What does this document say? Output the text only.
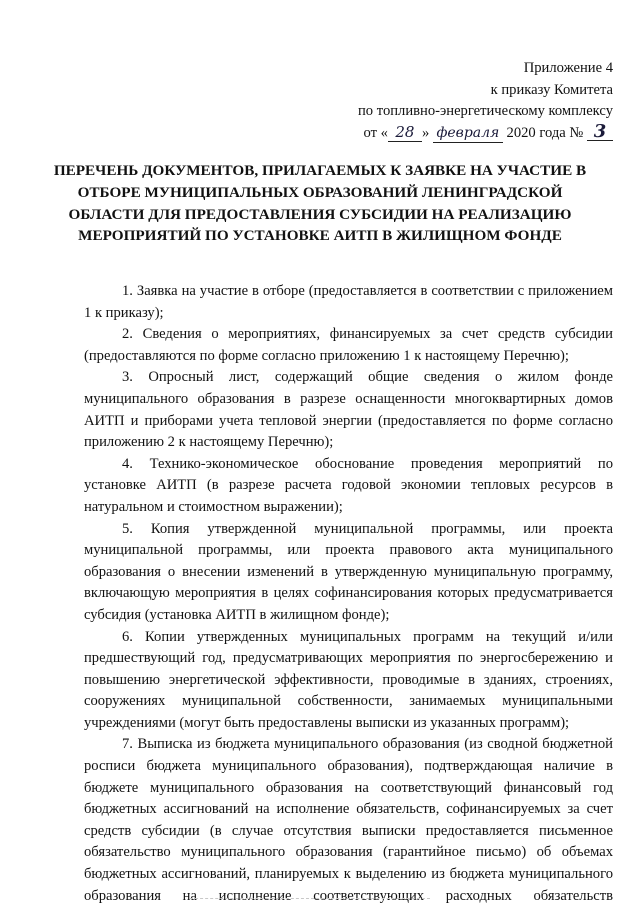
Приложение 4
к приказу Комитета
по топливно-энергетическому комплексу
от « 28 » февраля 2020 года № 3
ПЕРЕЧЕНЬ ДОКУМЕНТОВ, ПРИЛАГАЕМЫХ К ЗАЯВКЕ НА УЧАСТИЕ В ОТБОРЕ МУНИЦИПАЛЬНЫХ ОБРАЗОВАНИЙ ЛЕНИНГРАДСКОЙ ОБЛАСТИ ДЛЯ ПРЕДОСТАВЛЕНИЯ СУБСИДИИ НА РЕАЛИЗАЦИЮ МЕРОПРИЯТИЙ ПО УСТАНОВКЕ АИТП В ЖИЛИЩНОМ ФОНДЕ

1. Заявка на участие в отборе (предоставляется в соответствии с приложением 1 к приказу);

2. Сведения о мероприятиях, финансируемых за счет средств субсидии (предоставляются по форме согласно приложению 1 к настоящему Перечню);

3. Опросный лист, содержащий общие сведения о жилом фонде муниципального образования в разрезе оснащенности многоквартирных домов АИТП и приборами учета тепловой энергии (предоставляется по форме согласно приложению 2 к настоящему Перечню);

4. Технико-экономическое обоснование проведения мероприятий по установке АИТП (в разрезе расчета годовой экономии тепловых ресурсов в натуральном и стоимостном выражении);

5. Копия утвержденной муниципальной программы, или проекта муниципальной программы, или проекта правового акта муниципального образования о внесении изменений в утвержденную муниципальную программу, включающую мероприятия в целях софинансирования которых предусматривается субсидия (установка АИТП в жилищном фонде);

6. Копии утвержденных муниципальных программ на текущий и/или предшествующий год, предусматривающих мероприятия по энергосбережению и повышению энергетической эффективности, проводимые в зданиях, строениях, сооружениях муниципальной собственности, занимаемых муниципальными учреждениями (могут быть предоставлены выписки из указанных программ);

7. Выписка из бюджета муниципального образования (из сводной бюджетной росписи бюджета муниципального образования), подтверждающая наличие в бюджете муниципального образования на соответствующий финансовый год бюджетных ассигнований на исполнение обязательств, софинансируемых за счет средств субсидии (в случае отсутствия выписки предоставляется письменное обязательство муниципального образования (гарантийное письмо) об объемах бюджетных ассигнований, планируемых к выделению из бюджета муниципального образования на исполнение соответствующих расходных обязательств
